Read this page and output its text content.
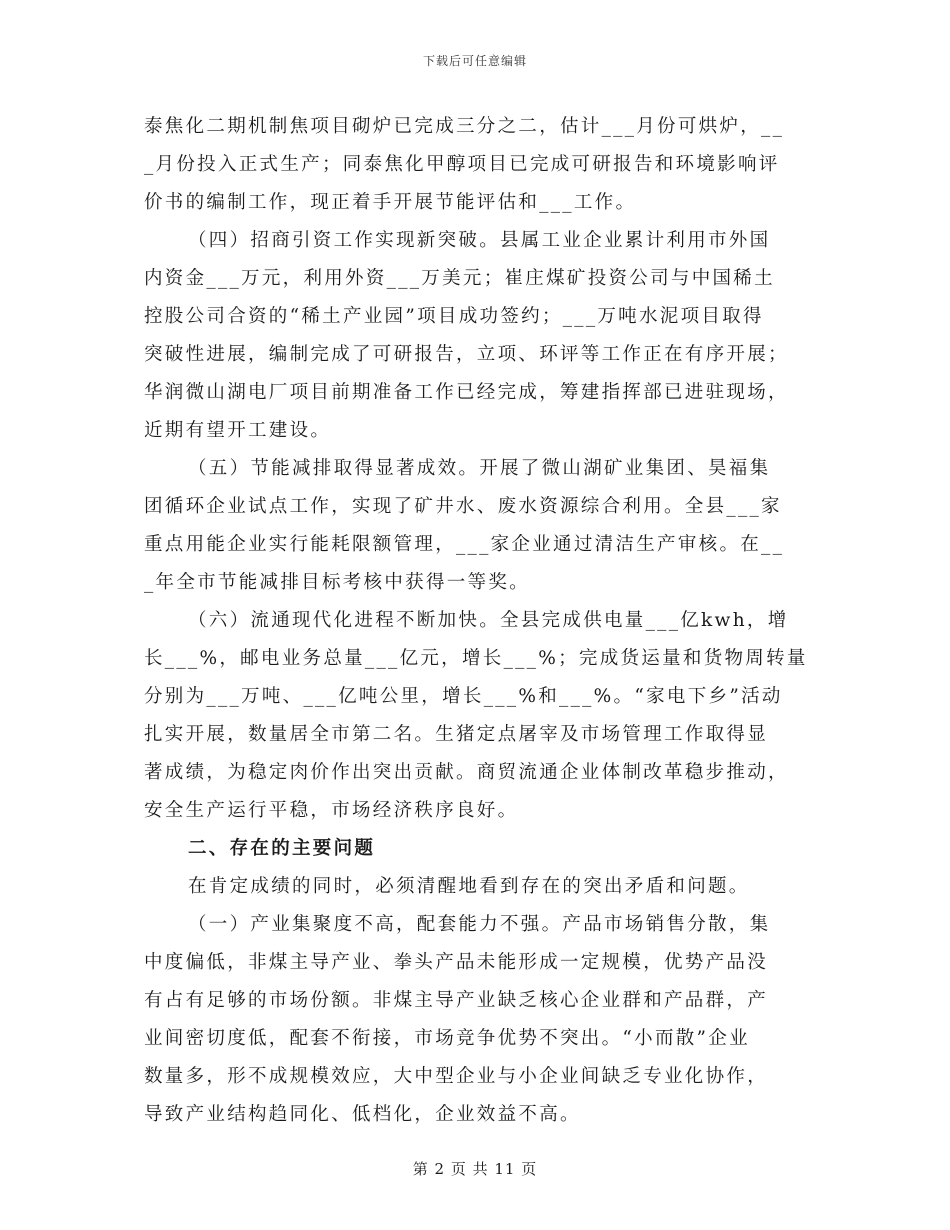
下载后可任意编辑
泰焦化二期机制焦项目砌炉已完成三分之二，估计___月份可烘炉，__
_月份投入正式生产；同泰焦化甲醇项目已完成可研报告和环境影响评
价书的编制工作，现正着手开展节能评估和___工作。
（四）招商引资工作实现新突破。县属工业企业累计利用市外国
内资金___万元，利用外资___万美元；崔庄煤矿投资公司与中国稀土
控股公司合资的“稀土产业园”项目成功签约；___万吨水泥项目取得
突破性进展，编制完成了可研报告，立项、环评等工作正在有序开展；
华润微山湖电厂项目前期准备工作已经完成，筹建指挥部已进驻现场，
近期有望开工建设。
（五）节能减排取得显著成效。开展了微山湖矿业集团、昊福集
团循环企业试点工作，实现了矿井水、废水资源综合利用。全县___家
重点用能企业实行能耗限额管理，___家企业通过清洁生产审核。在__
_年全市节能减排目标考核中获得一等奖。
（六）流通现代化进程不断加快。全县完成供电量___亿kwh，增
长___%，邮电业务总量___亿元，增长___%；完成货运量和货物周转量
分别为___万吨、___亿吨公里，增长___%和___%。“家电下乡”活动
扎实开展，数量居全市第二名。生猪定点屠宰及市场管理工作取得显
著成绩，为稳定肉价作出突出贡献。商贸流通企业体制改革稳步推动，
安全生产运行平稳，市场经济秩序良好。
二、存在的主要问题
在肯定成绩的同时，必须清醒地看到存在的突出矛盾和问题。
（一）产业集聚度不高，配套能力不强。产品市场销售分散，集
中度偏低，非煤主导产业、拳头产品未能形成一定规模，优势产品没
有占有足够的市场份额。非煤主导产业缺乏核心企业群和产品群，产
业间密切度低，配套不衔接，市场竞争优势不突出。“小而散”企业
数量多，形不成规模效应，大中型企业与小企业间缺乏专业化协作，
导致产业结构趋同化、低档化，企业效益不高。
第 2 页 共 11 页
